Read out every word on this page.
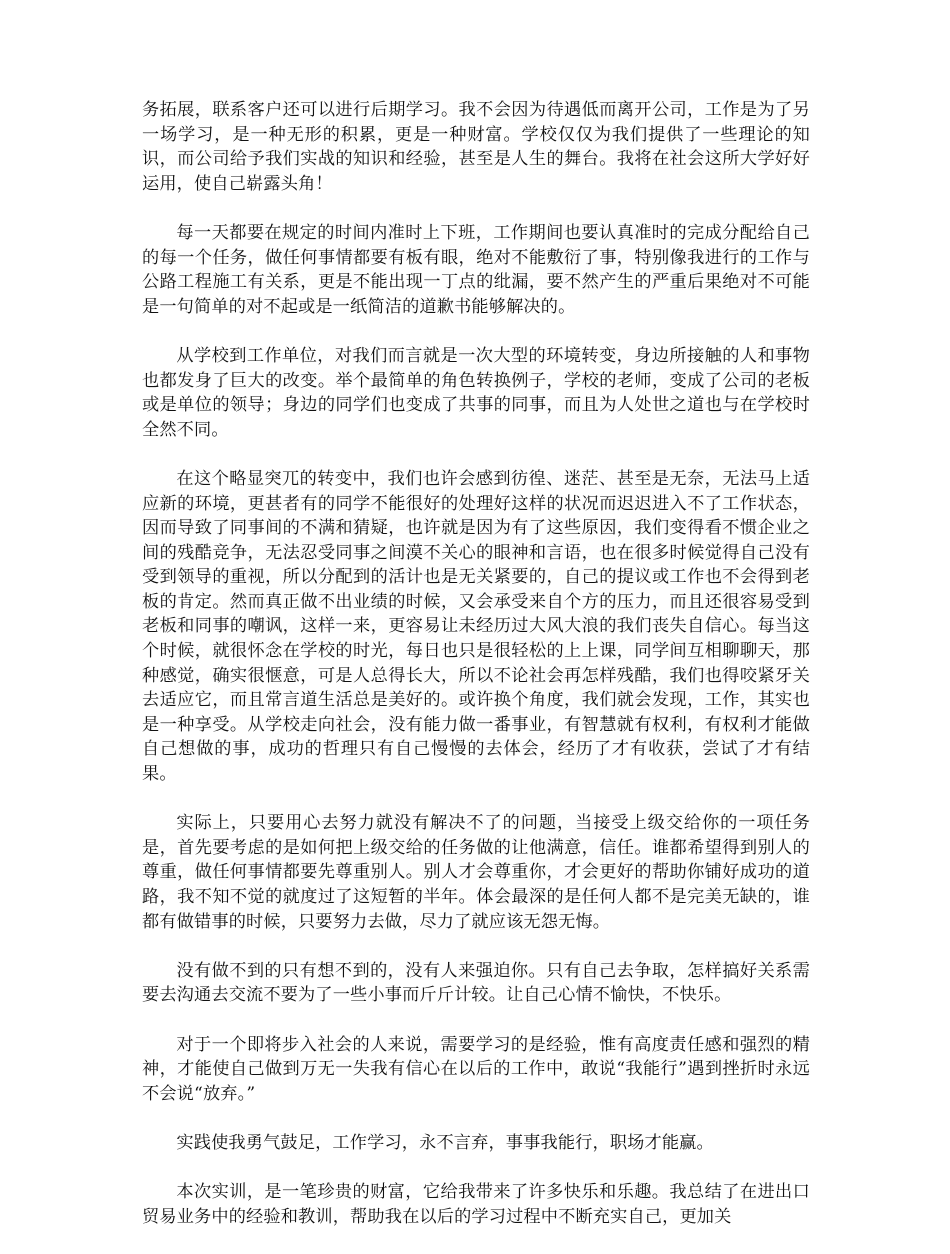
务拓展，联系客户还可以进行后期学习。我不会因为待遇低而离开公司，工作是为了另一场学习，是一种无形的积累，更是一种财富。学校仅仅为我们提供了一些理论的知识，而公司给予我们实战的知识和经验，甚至是人生的舞台。我将在社会这所大学好好运用，使自己崭露头角！

每一天都要在规定的时间内准时上下班，工作期间也要认真准时的完成分配给自己的每一个任务，做任何事情都要有板有眼，绝对不能敷衍了事，特别像我进行的工作与公路工程施工有关系，更是不能出现一丁点的纰漏，要不然产生的严重后果绝对不可能是一句简单的对不起或是一纸简洁的道歉书能够解决的。

从学校到工作单位，对我们而言就是一次大型的环境转变，身边所接触的人和事物也都发身了巨大的改变。举个最简单的角色转换例子，学校的老师，变成了公司的老板或是单位的领导；身边的同学们也变成了共事的同事，而且为人处世之道也与在学校时全然不同。

在这个略显突兀的转变中，我们也许会感到彷徨、迷茫、甚至是无奈，无法马上适应新的环境，更甚者有的同学不能很好的处理好这样的状况而迟迟进入不了工作状态，因而导致了同事间的不满和猜疑，也许就是因为有了这些原因，我们变得看不惯企业之间的残酷竞争，无法忍受同事之间漠不关心的眼神和言语，也在很多时候觉得自己没有受到领导的重视，所以分配到的活计也是无关紧要的，自己的提议或工作也不会得到老板的肯定。然而真正做不出业绩的时候，又会承受来自个方的压力，而且还很容易受到老板和同事的嘲讽，这样一来，更容易让未经历过大风大浪的我们丧失自信心。每当这个时候，就很怀念在学校的时光，每日也只是很轻松的上上课，同学间互相聊聊天，那种感觉，确实很惬意，可是人总得长大，所以不论社会再怎样残酷，我们也得咬紧牙关去适应它，而且常言道生活总是美好的。或许换个角度，我们就会发现，工作，其实也是一种享受。从学校走向社会，没有能力做一番事业，有智慧就有权利，有权利才能做自己想做的事，成功的哲理只有自己慢慢的去体会，经历了才有收获，尝试了才有结果。

实际上，只要用心去努力就没有解决不了的问题，当接受上级交给你的一项任务是，首先要考虑的是如何把上级交给的任务做的让他满意，信任。谁都希望得到别人的尊重，做任何事情都要先尊重别人。别人才会尊重你，才会更好的帮助你铺好成功的道路，我不知不觉的就度过了这短暂的半年。体会最深的是任何人都不是完美无缺的，谁都有做错事的时候，只要努力去做，尽力了就应该无怨无悔。

没有做不到的只有想不到的，没有人来强迫你。只有自己去争取，怎样搞好关系需要去沟通去交流不要为了一些小事而斤斤计较。让自己心情不愉快，不快乐。

对于一个即将步入社会的人来说，需要学习的是经验，惟有高度责任感和强烈的精神，才能使自己做到万无一失我有信心在以后的工作中，敢说“我能行”遇到挫折时永远不会说“放弃。”

实践使我勇气鼓足，工作学习，永不言弃，事事我能行，职场才能赢。

本次实训，是一笔珍贵的财富，它给我带来了许多快乐和乐趣。我总结了在进出口贸易业务中的经验和教训，帮助我在以后的学习过程中不断充实自己，更加关
